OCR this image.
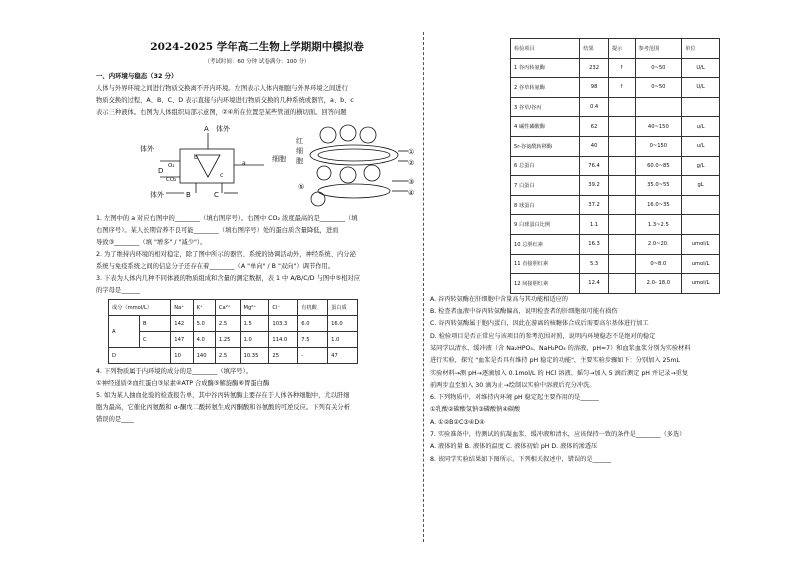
2024-2025 学年高二生物上学期期中模拟卷
（考试时间：60 分钟 试卷满分：100 分）
一、内环境与稳态（32 分）

人体与外界环境之间进行物质交换离不开内环境。左图表示人体内细胞与外界环境之间进行

物质交换的过程，A、B、C、D 表示直接与内环境进行物质交换的几种系统或器官，a、b、c

表示三种液体。右图为人体组织局部示意图，②④所在位置是某些管道的横切面。回答问题

A 体外
体外
D
O₂
CO₂
细胞
b
c
a
体外	B	C
红
细
胞
①
②
③
④
⑤

1. 左图中的 a 对应右图中的________（填右图序号）。右图中 CO₂ 浓度最高的是________（填

右图序号）。某人长期营养不良可能________（填右图序号）处的蛋白质含量降低，进而

导致③________（填 "增多" / "减少"）。

2. 为了维持内环境的相对稳定，除了图中所示的器官、系统的协调活动外，神经系统、内分泌

系统与免疫系统之间的信息分子还存在着________（A "单向" / B "双向"）调节作用。

3. 下表为人体内几种不同体液的物质组成和含量的测定数据，表 1 中 A/B/C/D 与图中⑤相对应

的字母是______

成分（mmol/L）		Na⁺	K⁺	Ca²⁺	Mg²⁺	Cl⁻	有机酸	蛋白质
A	B	142	5.0	2.5	1.5	103.3	6.0	16.0
	C	147	4.0	1.25	1.0	114.0	7.5	1.0
D		10	140	2.5	10.35	25	-	47

4. 下列物质属于内环境的成分的是________（填序号）。

①神经递质②血红蛋白③尿素④ATP 合成酶⑤解旋酶⑥胃蛋白酶

5. 如为某人抽血化验的检查报告单，其中谷丙转氨酶主要存在于人体各种细胞中，尤以肝细

胞为最高，它催化丙氨酸和 α-酮戊二酸转氨生成丙酮酸和谷氨酸的可逆反应。下列有关分析

错误的是____

检验项目	结果	提示	参考范围	单位
1 谷丙转氨酶	232	↑	0~50	U/L
2 谷草转氨酶	98	↑	0~50	U/L
3 谷草/谷丙	0.4			
4 碱性磷酸酶	62		40~150	u/L
5r-谷氨酰转移酶	40		0~150	u/L
6 总蛋白	76.4		60.0~85	g/L
7 白蛋白	39.2		35.0~55	gL
8 球蛋白	37.2		16.0~35	
9 白球蛋白比例	1.1		1.3~2.5	
10 总胆红素	16.3		2.0~20.	umol/L
11 直接胆红素	5.3		0~8.0	umol/L
12 间接胆红素	12.4		2.0- 18.0	umol/L

A. 谷丙转氨酶在肝细胞中含量高与其功能相适应的

B. 检查者血液中谷丙转氨酶偏高，说明检查者的肝细胞很可能有损伤

C. 谷丙转氨酶属于胞内蛋白，因此在游离的核糖体合成后需要高尔基体进行加工

D. 检验项目是否正常应与该项目的参考范围对照，说明内环境稳态不是绝对的稳定

某同学以清水、缓冲液（含 Na₂HPO₄、NaH₂PO₄ 的溶液，pH=7）和血浆血浆分别为实验材料

进行实验，探究 "血浆是否具有维持 pH 稳定的功能"，主要实验步骤如下：分别加入 25mL

实验材料→测 pH→逐滴加入 0.1mol/L 的 HCl 溶液、摇匀→加入 5 滴后测定 pH 并记录→重复

前两步直至加入 30 滴为止→绘制以实验中溶液后充分冲洗。

6. 下列物质中，对维持内环境 pH 稳定起主要作用的是______

①乳酸②碳酸氢钠③磷酸钠④碳酸

A. ①②B②C③④D④

7. 实验准备中，待测试的抗凝血浆、缓冲液和清水，应该保持一致的条件是________（多选）

A. 液体的量 B. 液体的温度 C. 液体初始 pH D. 液体的渗透压

8. 该同学实验结果如下图所示，下列相关叙述中，错误的是______
